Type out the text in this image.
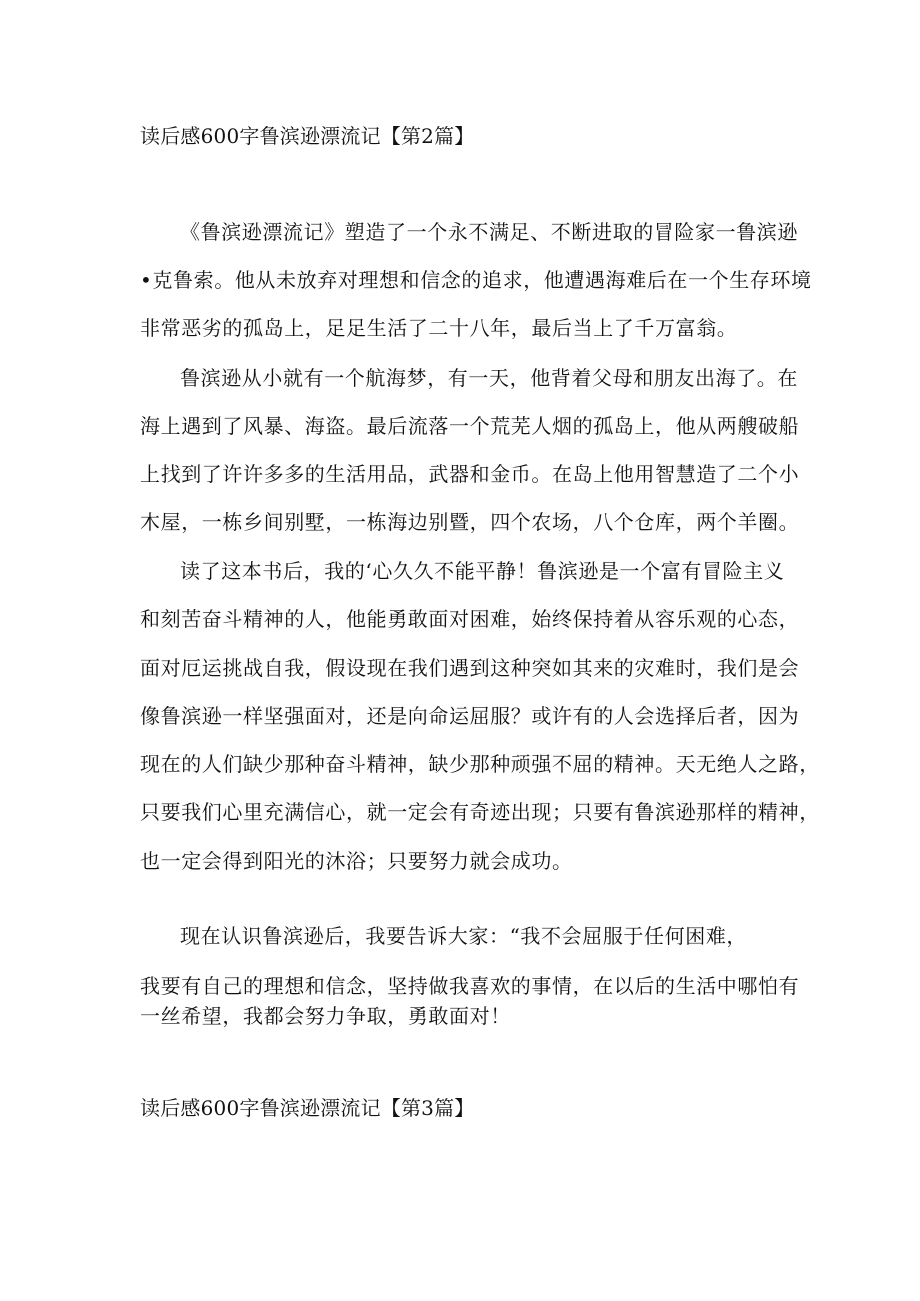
读后感600字鲁滨逊漂流记【第2篇】

《鲁滨逊漂流记》塑造了一个永不满足、不断进取的冒险家一鲁滨逊

•克鲁索。他从未放弃对理想和信念的追求，他遭遇海难后在一个生存环境

非常恶劣的孤岛上，足足生活了二十八年，最后当上了千万富翁。

鲁滨逊从小就有一个航海梦，有一天，他背着父母和朋友出海了。在

海上遇到了风暴、海盗。最后流落一个荒芜人烟的孤岛上，他从两艘破船

上找到了许许多多的生活用品，武器和金币。在岛上他用智慧造了二个小

木屋，一栋乡间别墅，一栋海边别暨，四个农场，八个仓库，两个羊圈。

读了这本书后，我的‘心久久不能平静！鲁滨逊是一个富有冒险主义

和刻苦奋斗精神的人，他能勇敢面对困难，始终保持着从容乐观的心态，

面对厄运挑战自我，假设现在我们遇到这种突如其来的灾难时，我们是会

像鲁滨逊一样坚强面对，还是向命运屈服？或许有的人会选择后者，因为

现在的人们缺少那种奋斗精神，缺少那种顽强不屈的精神。天无绝人之路，

只要我们心里充满信心，就一定会有奇迹出现；只要有鲁滨逊那样的精神，

也一定会得到阳光的沐浴；只要努力就会成功。

现在认识鲁滨逊后，我要告诉大家：“我不会屈服于任何困难，

我要有自己的理想和信念，坚持做我喜欢的事情，在以后的生活中哪怕有

一丝希望，我都会努力争取，勇敢面对！

读后感600字鲁滨逊漂流记【第3篇】
